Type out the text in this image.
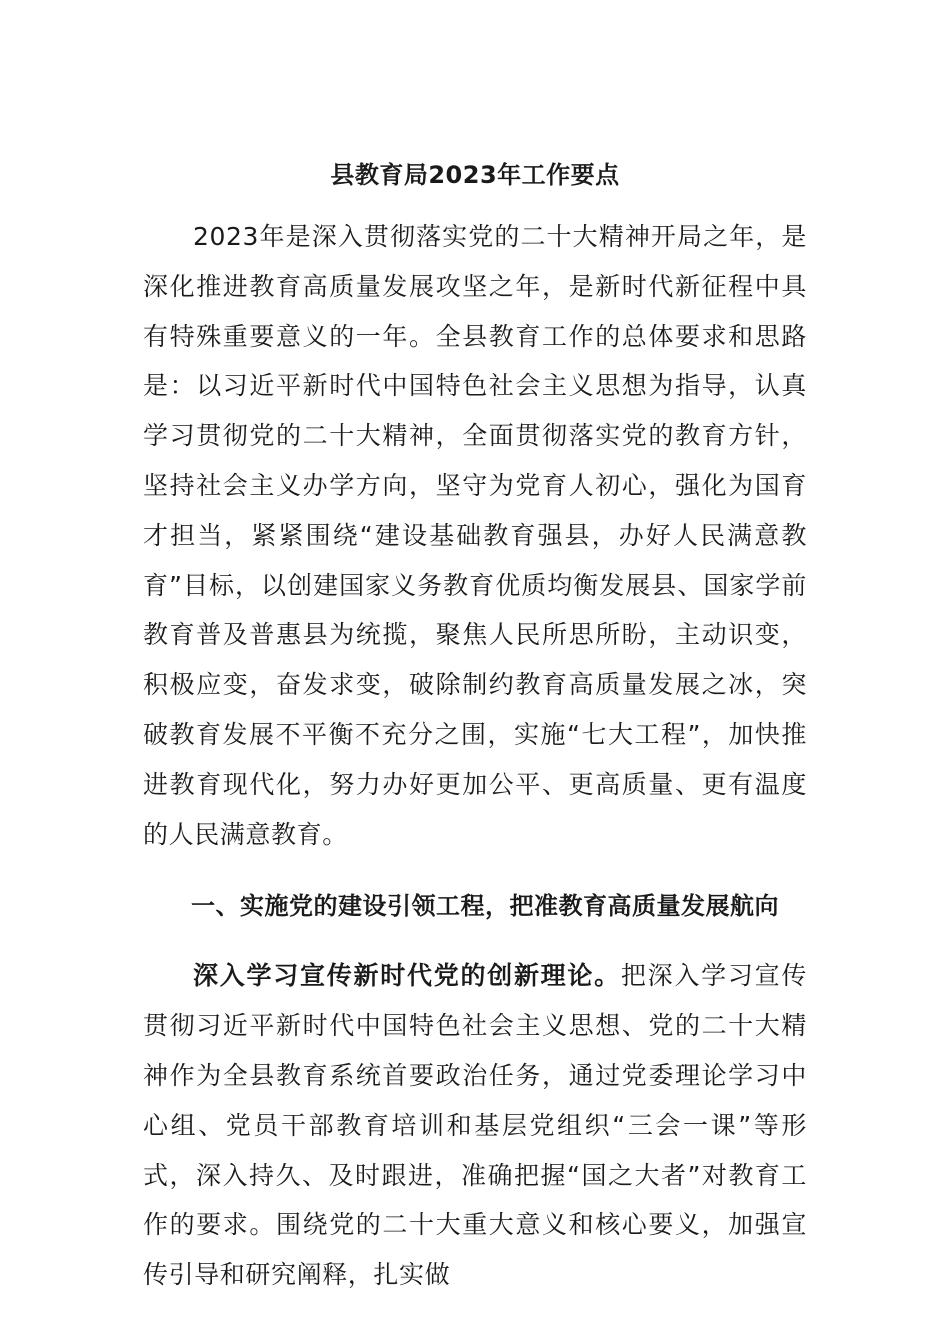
县教育局2023年工作要点

2023年是深入贯彻落实党的二十大精神开局之年，是深化推进教育高质量发展攻坚之年，是新时代新征程中具有特殊重要意义的一年。全县教育工作的总体要求和思路是：以习近平新时代中国特色社会主义思想为指导，认真学习贯彻党的二十大精神，全面贯彻落实党的教育方针，坚持社会主义办学方向，坚守为党育人初心，强化为国育才担当，紧紧围绕“建设基础教育强县，办好人民满意教育”目标，以创建国家义务教育优质均衡发展县、国家学前教育普及普惠县为统揽，聚焦人民所思所盼，主动识变，积极应变，奋发求变，破除制约教育高质量发展之冰，突破教育发展不平衡不充分之围，实施“七大工程”，加快推进教育现代化，努力办好更加公平、更高质量、更有温度的人民满意教育。

一、实施党的建设引领工程，把准教育高质量发展航向

深入学习宣传新时代党的创新理论。把深入学习宣传贯彻习近平新时代中国特色社会主义思想、党的二十大精神作为全县教育系统首要政治任务，通过党委理论学习中心组、党员干部教育培训和基层党组织“三会一课”等形式，深入持久、及时跟进，准确把握“国之大者”对教育工作的要求。围绕党的二十大重大意义和核心要义，加强宣传引导和研究阐释，扎实做
